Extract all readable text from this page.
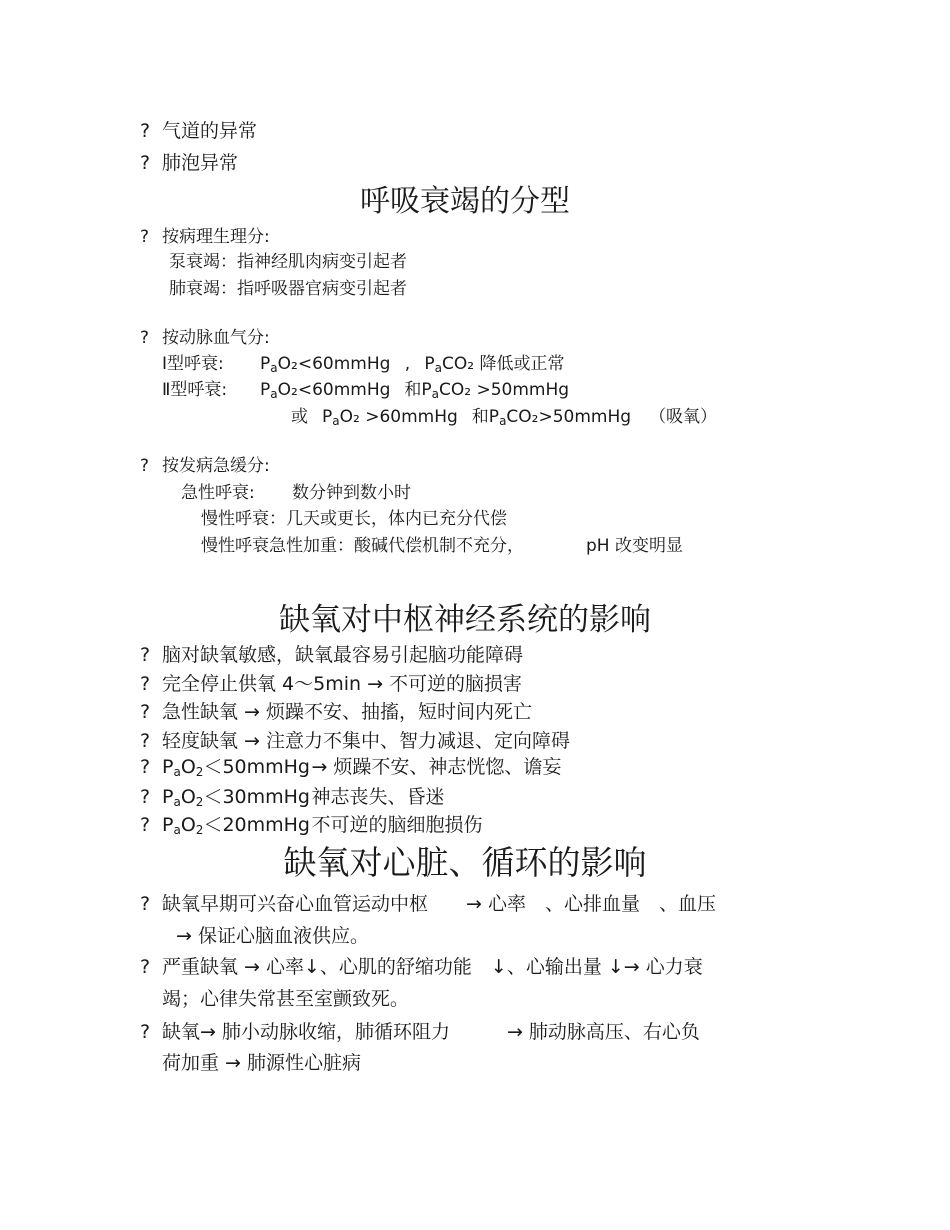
? 气道的异常
? 肺泡异常
呼吸衰竭的分型
? 按病理生理分:
泵衰竭：指神经肌肉病变引起者
肺衰竭：指呼吸器官病变引起者
? 按动脉血气分:
Ⅰ型呼衰: $P_aO_2<60mmHg$ , $P_aCO_2$ 降低或正常
Ⅱ型呼衰: $P_aO_2<60mmHg$ 和$P_aCO_2$ >50mmHg
或 $P_aO_2$ >60mmHg 和$P_aCO_2>50mmHg$ （吸氧）
? 按发病急缓分:
急性呼衰: 数分钟到数小时
慢性呼衰：几天或更长，体内已充分代偿
慢性呼衰急性加重：酸碱代偿机制不充分，	pH 改变明显
缺氧对中枢神经系统的影响
? 脑对缺氧敏感，缺氧最容易引起脑功能障碍
? 完全停止供氧 4～5min → 不可逆的脑损害
? 急性缺氧 → 烦躁不安、抽搐，短时间内死亡
? 轻度缺氧 → 注意力不集中、智力减退、定向障碍
? $P_aO_2<50mmHg\to$ 烦躁不安、神志恍惚、谵妄
? $P_aO_2<30mmHg$神志丧失、昏迷
? $P_aO_2<20mmHg$不可逆的脑细胞损伤
缺氧对心脏、循环的影响
? 缺氧早期可兴奋心血管运动中枢　　→ 心率　、心排血量　、血压
→ 保证心脑血液供应。
? 严重缺氧 → 心率↓、心肌的舒缩功能　↓、心输出量 ↓→ 心力衰
竭；心律失常甚至室颤致死。
? 缺氧→ 肺小动脉收缩，肺循环阻力　　　→ 肺动脉高压、右心负
荷加重 → 肺源性心脏病
